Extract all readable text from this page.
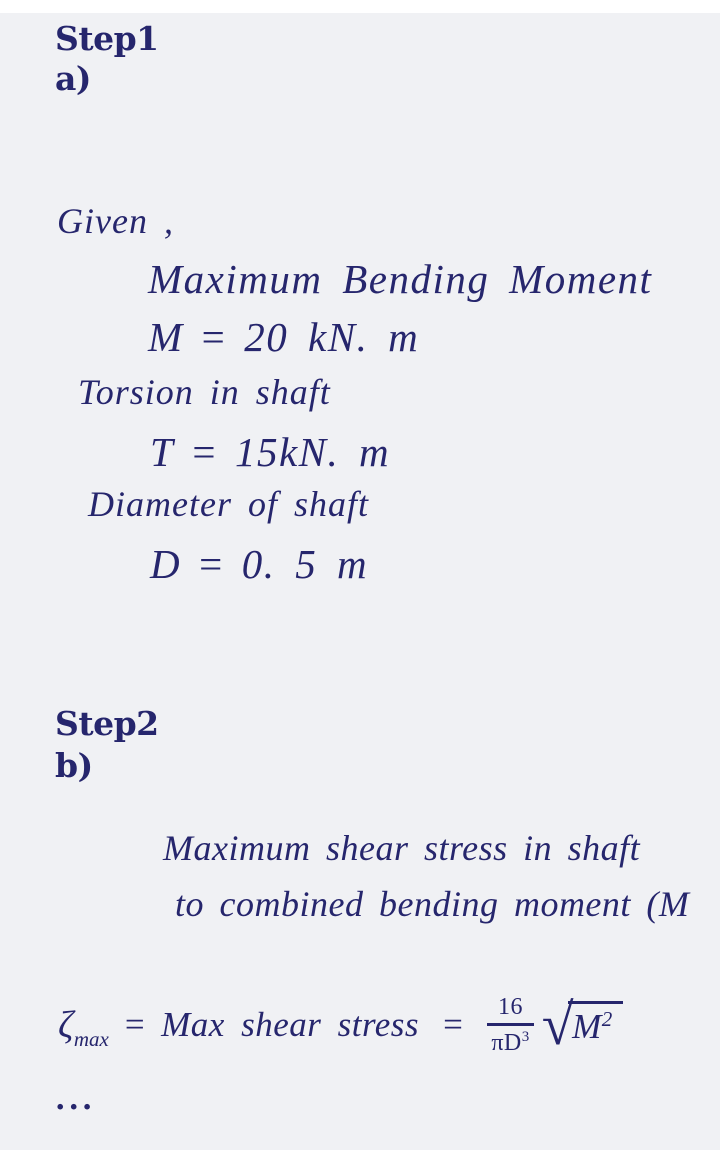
Step1
a)
Given ,
Maximum Bending Moment
M = 20 kN. m
Torsion in shaft
T = 15kN. m
Diameter of shaft
D = 0. 5 m
Step2
b)
Maximum shear stress in shaft
to combined bending moment (M
$\zeta_{max}$ = Max shear stress = $\frac{16}{\pi D^3}$ √
$M^2$
...
